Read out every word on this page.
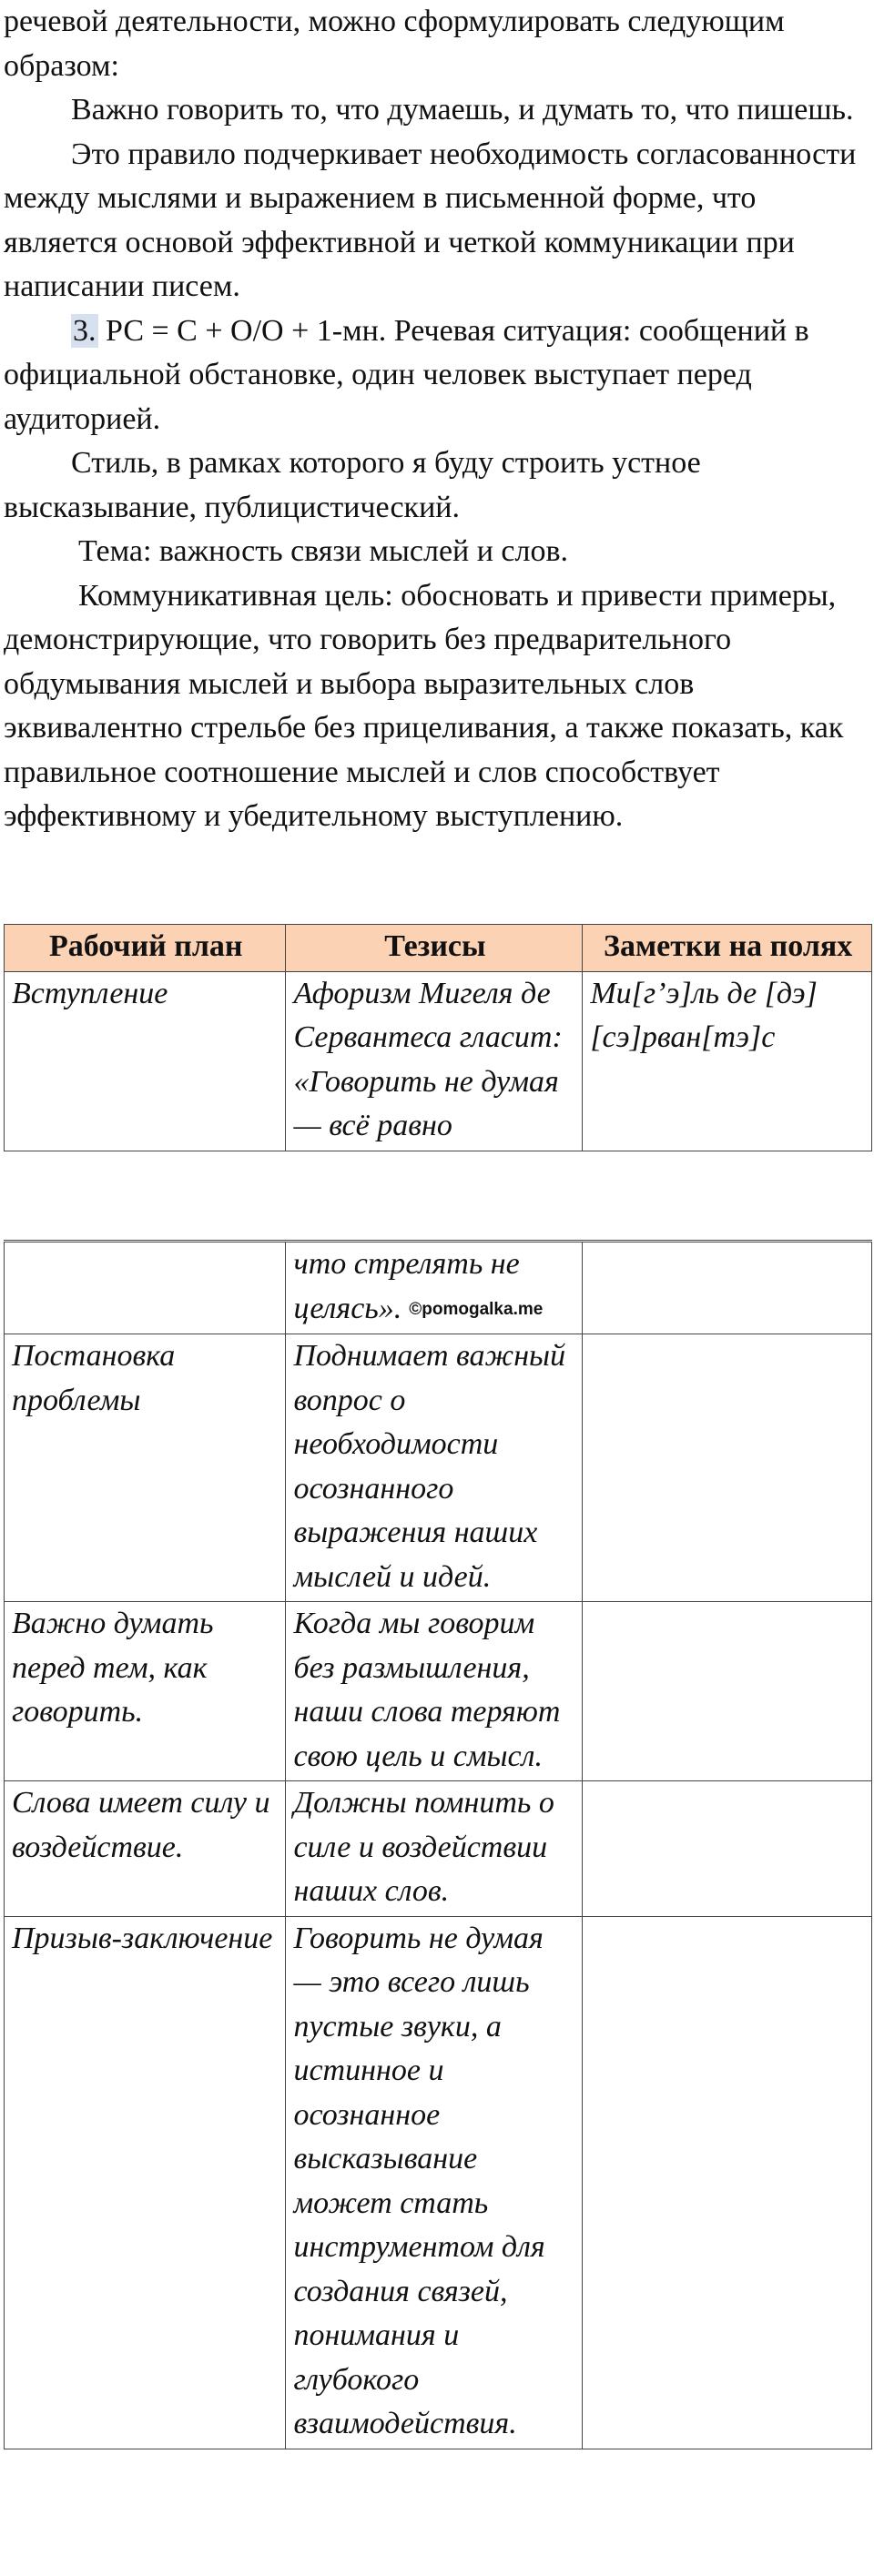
речевой деятельности, можно сформулировать следующим образом:

Важно говорить то, что думаешь, и думать то, что пишешь.

Это правило подчеркивает необходимость согласованности между мыслями и выражением в письменной форме, что является основой эффективной и четкой коммуникации при написании писем.

3. РС = С + О/О + 1-мн. Речевая ситуация: сообщений в официальной обстановке, один человек выступает перед аудиторией.

Стиль, в рамках которого я буду строить устное высказывание, публицистический.

Тема: важность связи мыслей и слов.

Коммуникативная цель: обосновать и привести примеры, демонстрирующие, что говорить без предварительного обдумывания мыслей и выбора выразительных слов эквивалентно стрельбе без прицеливания, а также показать, как правильное соотношение мыслей и слов способствует эффективному и убедительному выступлению.

Рабочий план	Тезисы	Заметки на полях
Вступление	Афоризм Мигеля де Сервантеса гласит: «Говорить не думая — всё равно	Ми[г’э]ль де [дэ] [сэ]рван[тэ]с
	что стрелять не целясь». ©pomogalka.me	
Постановка проблемы	Поднимает важный вопрос о необходимости осознанного выражения наших мыслей и идей.	
Важно думать перед тем, как говорить.	Когда мы говорим без размышления, наши слова теряют свою цель и смысл.	
Слова имеет силу и воздействие.	Должны помнить о силе и воздействии наших слов.	
Призыв-заключение	Говорить не думая — это всего лишь пустые звуки, а истинное и осознанное высказывание может стать инструментом для создания связей, понимания и глубокого взаимодействия.	
